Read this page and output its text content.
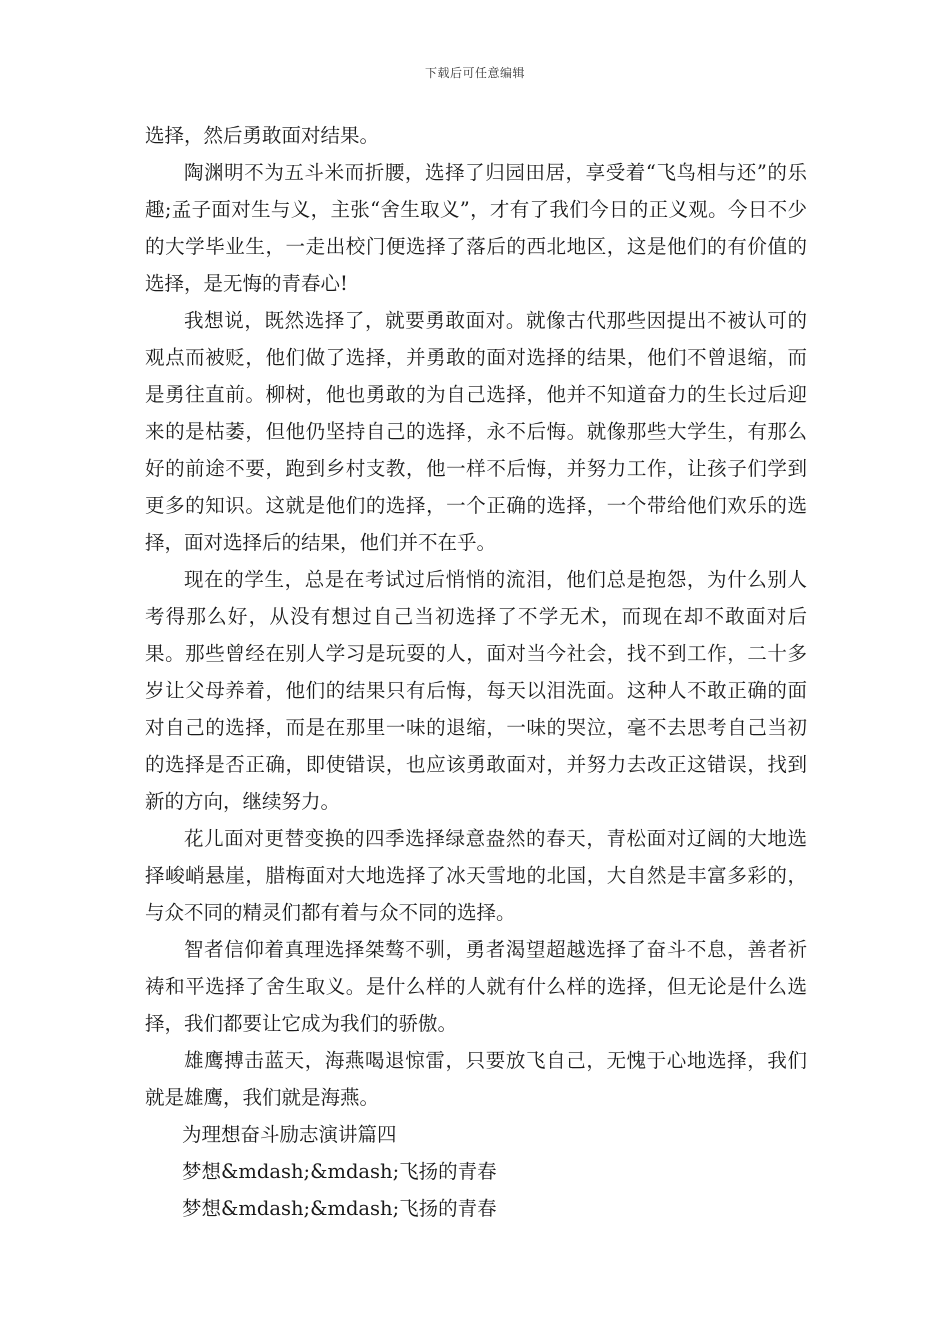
下载后可任意编辑

选择，然后勇敢面对结果。

陶渊明不为五斗米而折腰，选择了归园田居，享受着“飞鸟相与还”的乐趣;孟子面对生与义，主张“舍生取义”，才有了我们今日的正义观。今日不少的大学毕业生，一走出校门便选择了落后的西北地区，这是他们的有价值的选择，是无悔的青春心!

我想说，既然选择了，就要勇敢面对。就像古代那些因提出不被认可的观点而被贬，他们做了选择，并勇敢的面对选择的结果，他们不曾退缩，而是勇往直前。柳树，他也勇敢的为自己选择，他并不知道奋力的生长过后迎来的是枯萎，但他仍坚持自己的选择，永不后悔。就像那些大学生，有那么好的前途不要，跑到乡村支教，他一样不后悔，并努力工作，让孩子们学到更多的知识。这就是他们的选择，一个正确的选择，一个带给他们欢乐的选择，面对选择后的结果，他们并不在乎。

现在的学生，总是在考试过后悄悄的流泪，他们总是抱怨，为什么别人考得那么好，从没有想过自己当初选择了不学无术，而现在却不敢面对后果。那些曾经在别人学习是玩耍的人，面对当今社会，找不到工作，二十多岁让父母养着，他们的结果只有后悔，每天以泪洗面。这种人不敢正确的面对自己的选择，而是在那里一味的退缩，一味的哭泣，毫不去思考自己当初的选择是否正确，即使错误，也应该勇敢面对，并努力去改正这错误，找到新的方向，继续努力。

花儿面对更替变换的四季选择绿意盎然的春天，青松面对辽阔的大地选择峻峭悬崖，腊梅面对大地选择了冰天雪地的北国，大自然是丰富多彩的，与众不同的精灵们都有着与众不同的选择。

智者信仰着真理选择桀骜不驯，勇者渴望超越选择了奋斗不息，善者祈祷和平选择了舍生取义。是什么样的人就有什么样的选择，但无论是什么选择，我们都要让它成为我们的骄傲。

雄鹰搏击蓝天，海燕喝退惊雷，只要放飞自己，无愧于心地选择，我们就是雄鹰，我们就是海燕。

为理想奋斗励志演讲篇四

梦想&mdash;&mdash;飞扬的青春

梦想&mdash;&mdash;飞扬的青春
